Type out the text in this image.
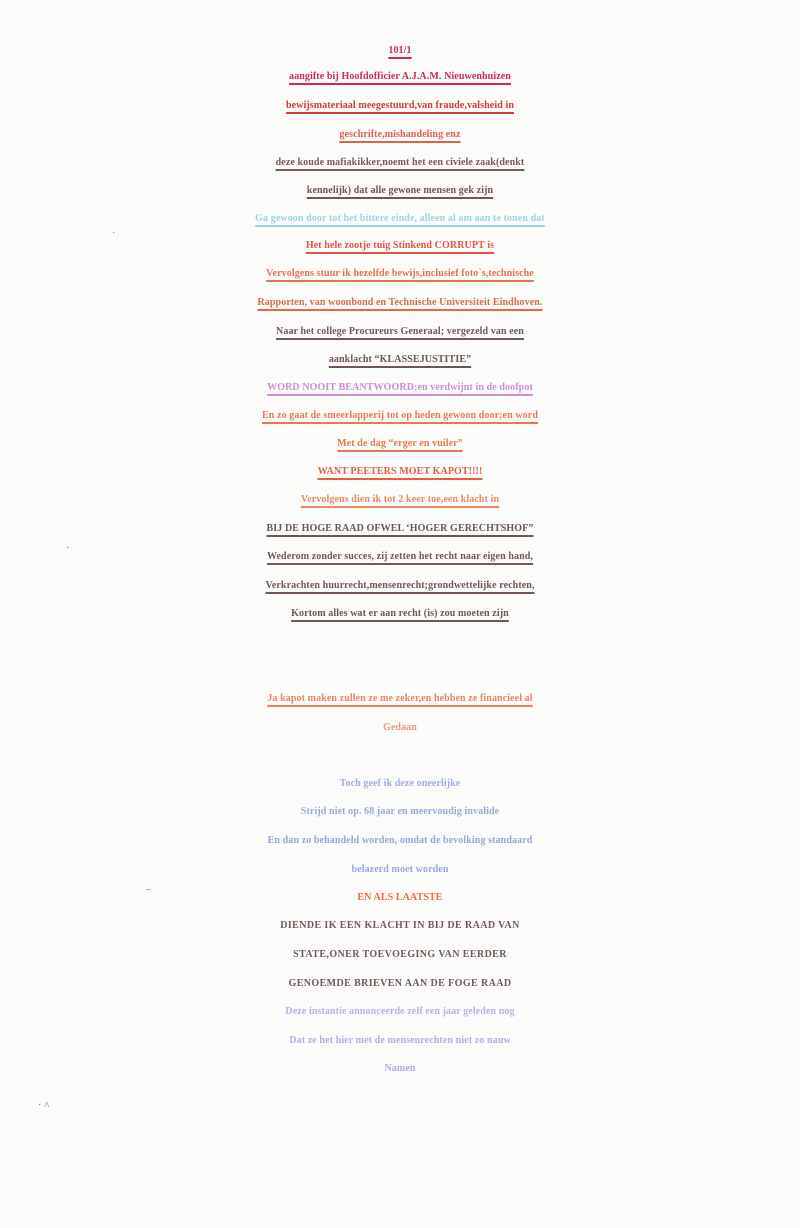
101/1
aangifte bij Hoofdofficier A.J.A.M. Nieuwenhuizen
bewijsmateriaal meegestuurd,van fraude,valsheid in
geschrifte,mishandeling enz
deze koude mafiakikker,noemt het een civiele zaak(denkt
kennelijk) dat alle gewone mensen gek zijn
Ga gewoon door tot het bittere einde, alleen al om aan te tonen dat
Het hele zootje tuig Stinkend CORRUPT is
Vervolgens stuur ik hezelfde bewijs,inclusief foto`s,technische
Rapporten, van woonbond en Technische Universiteit Eindhoven.
Naar het college Procureurs Generaal; vergezeld van een
aanklacht “KLASSEJUSTITIE”
WORD NOOIT BEANTWOORD;en verdwijnt in de doofpot
En zo gaat de smeerlapperij tot op heden gewoon door;en word
Met de dag “erger en vuiler”
WANT PEETERS MOET KAPOT!!!!
Vervolgens dien ik tot 2 keer toe,een klacht in
BIJ DE HOGE RAAD OFWEL ‘HOGER GERECHTSHOF”
Wederom zonder succes, zij zetten het recht naar eigen hand,
Verkrachten huurrecht,mensenrecht;grondwettelijke rechten,
Kortom alles wat er aan recht (is) zou moeten zijn
Ja kapot maken zullen ze me zeker,en hebben ze financieel al
Gedaan
Toch geef ik deze oneerlijke
Strijd niet op. 68 jaar en meervoudig invalide
En dan zo behandeld worden, omdat de bevolking standaard
belazerd moet worden
EN ALS LAATSTE
DIENDE IK EEN KLACHT IN BIJ DE RAAD VAN
STATE,ONER TOEVOEGING VAN EERDER
GENOEMDE BRIEVEN AAN DE FOGE RAAD
Deze instantie annonceerde zelf een jaar geleden nog
Dat ze het hier met de mensenrechten niet zo nauw
Namen
·
·
–
· ˄
